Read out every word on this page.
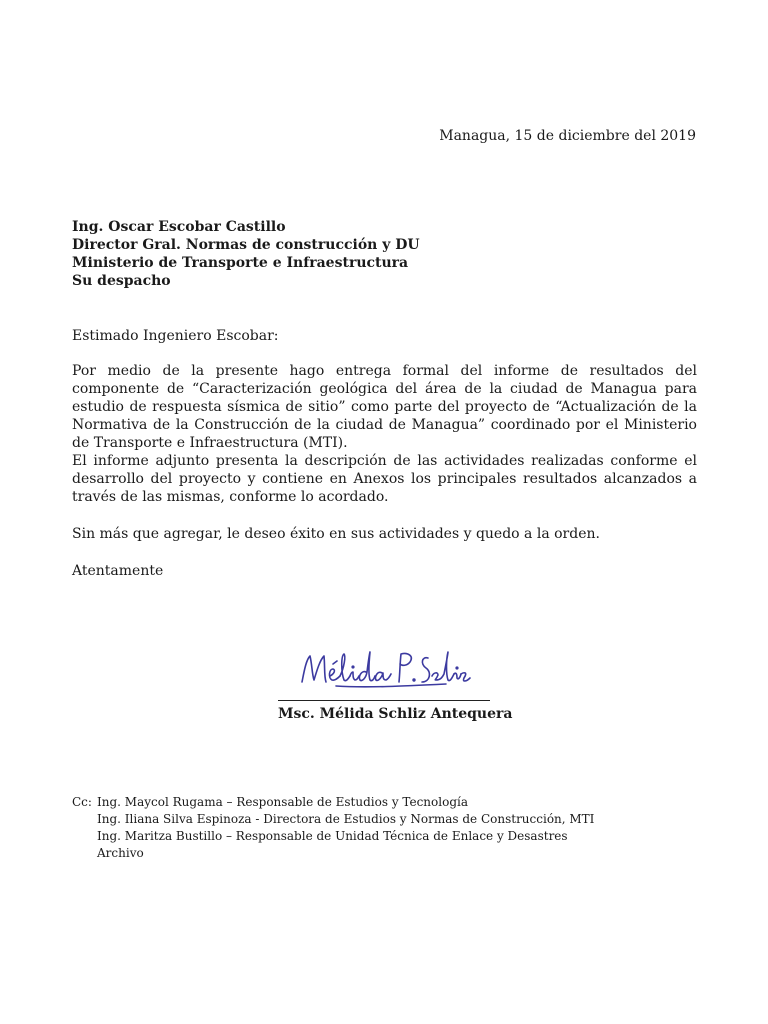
Managua, 15 de diciembre del 2019
Ing. Oscar Escobar Castillo
Director Gral. Normas de construcción y DU
Ministerio de Transporte e Infraestructura
Su despacho
Estimado Ingeniero Escobar:
Por medio de la presente hago entrega formal del informe de resultados del componente de “Caracterización geológica del área de la ciudad de Managua para estudio de respuesta sísmica de sitio” como parte del proyecto de “Actualización de la Normativa de la Construcción de la ciudad de Managua” coordinado por el Ministerio de Transporte e Infraestructura (MTI).
El informe adjunto presenta la descripción de las actividades realizadas conforme el desarrollo del proyecto y contiene en Anexos los principales resultados alcanzados a través de las mismas, conforme lo acordado.
Sin más que agregar, le deseo éxito en sus actividades y quedo a la orden.
Atentamente
Msc. Mélida Schliz Antequera
Cc: Ing. Maycol Rugama – Responsable de Estudios y Tecnología
Ing. Iliana Silva Espinoza - Directora de Estudios y Normas de Construcción, MTI
Ing. Maritza Bustillo – Responsable de Unidad Técnica de Enlace y Desastres
Archivo
